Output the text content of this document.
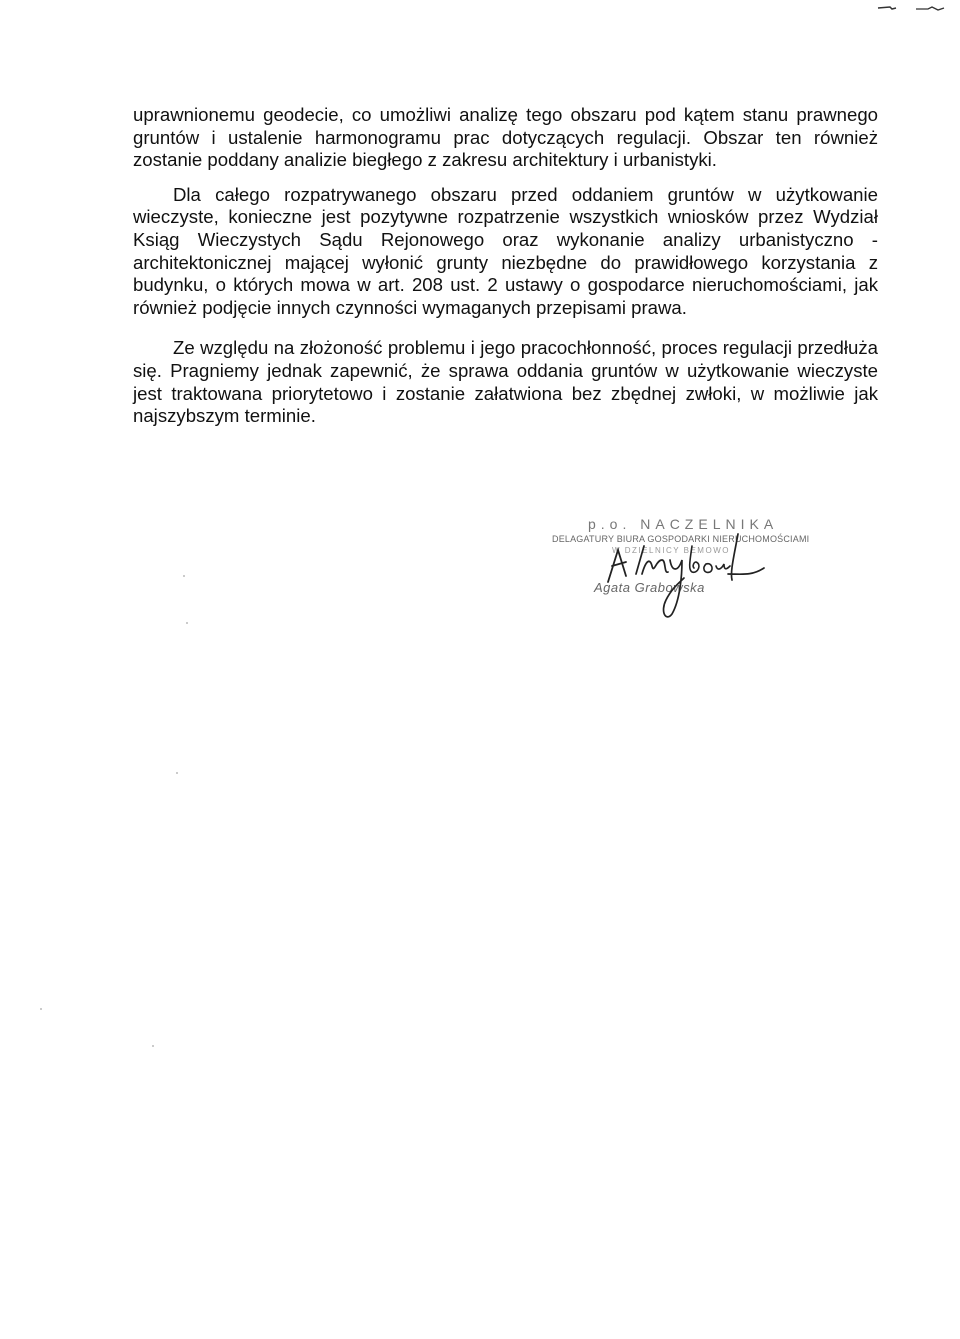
uprawnionemu geodecie, co umożliwi analizę tego obszaru pod kątem stanu prawnego gruntów i ustalenie harmonogramu prac dotyczących regulacji. Obszar ten również zostanie poddany analizie biegłego z zakresu architektury i urbanistyki.

Dla całego rozpatrywanego obszaru przed oddaniem gruntów w użytkowanie wieczyste, konieczne jest pozytywne rozpatrzenie wszystkich wniosków przez Wydział Ksiąg Wieczystych Sądu Rejonowego oraz wykonanie analizy urbanistyczno - architektonicznej mającej wyłonić grunty niezbędne do prawidłowego korzystania z budynku, o których mowa w art. 208 ust. 2 ustawy o gospodarce nieruchomościami, jak również podjęcie innych czynności wymaganych przepisami prawa.

Ze względu na złożoność problemu i jego pracochłonność, proces regulacji przedłuża się. Pragniemy jednak zapewnić, że sprawa oddania gruntów w użytkowanie wieczyste jest traktowana priorytetowo i zostanie załatwiona bez zbędnej zwłoki, w możliwie jak najszybszym terminie.

p.o. NACZELNIKA
DELAGATURY BIURA GOSPODARKI NIERUCHOMOŚCIAMI
W DZIELNICY BEMOWO
Agata Grabowska
